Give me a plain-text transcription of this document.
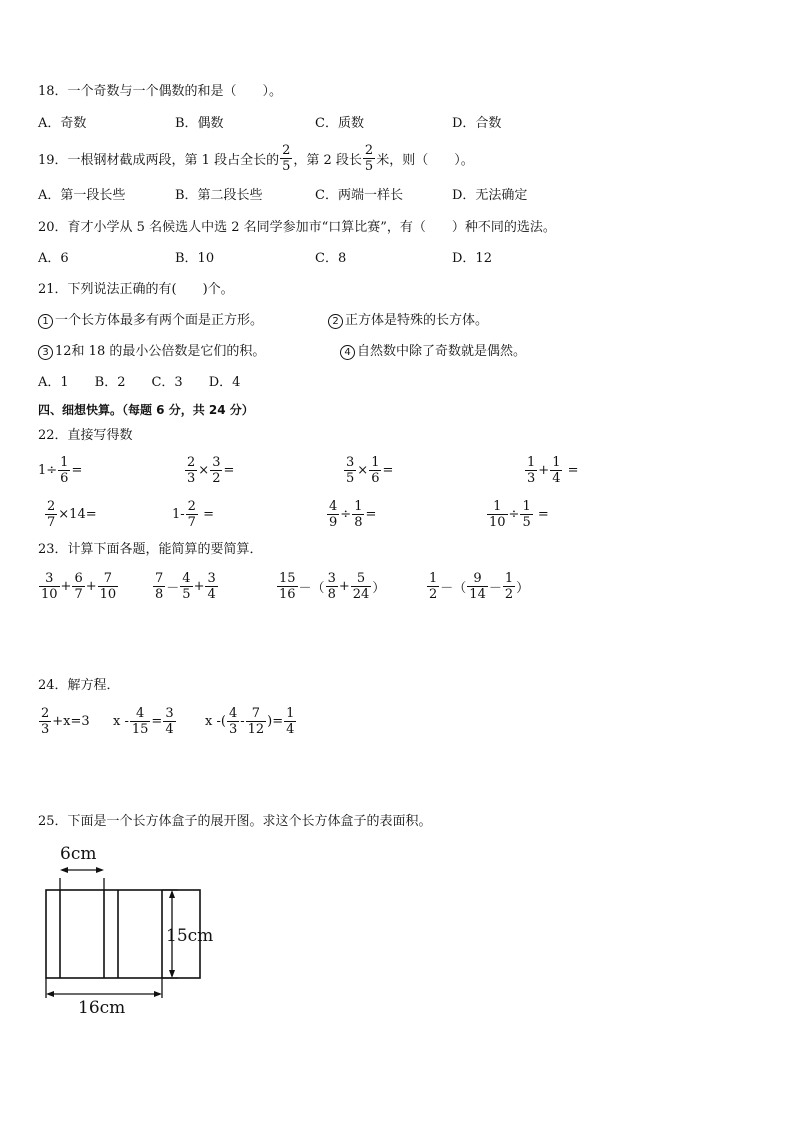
18．一个奇数与一个偶数的和是（　　）。
A．奇数	B．偶数	C．质数	D．合数
19．一根钢材截成两段，第 1 段占全长的 $\frac{2}{5}$ ，第 2 段长 $\frac{2}{5}$ 米，则（　　）。
A．第一段长些	B．第二段长些	C．两端一样长	D．无法确定
20．育才小学从 5 名候选人中选 2 名同学参加市“口算比赛”，有（　　）种不同的选法。
A．6	B．10	C．8	D．12
21．下列说法正确的有(　　)个。
1 一个长方体最多有两个面是正方形。	2 正方体是特殊的长方体。
3 12和 18 的最小公倍数是它们的积。	4 自然数中除了奇数就是偶然。
A．1　　B．2　　C．3　　D．4
四、细想快算。（每题 6 分，共 24 分）
22．直接写得数
$1\div \frac{1}{6}$ =	$\frac{2}{3} \times \frac{3}{2}$ =	$\frac{3}{5} \times \frac{1}{6}$ =	$\frac{1}{3} + \frac{1}{4}$ =
$\frac{2}{7} \times 14=$	$1- \frac{2}{7}$ =	$\frac{4}{9} \div \frac{1}{8}$ =	$\frac{1}{10} \div \frac{1}{5}$ =
23．计算下面各题，能简算的要简算．
$\frac{3}{10} + \frac{6}{7} + \frac{7}{10}$	$\frac{7}{8} - \frac{4}{5} + \frac{3}{4}$	$\frac{15}{16}$ －（ $\frac{3}{8} + \frac{5}{24}$ ）	$\frac{1}{2}$ －（ $\frac{9}{14} - \frac{1}{2}$ ）
24．解方程．
$\frac{2}{3} +x=3$ $x - \frac{4}{15} = \frac{3}{4}$ x -( $\frac{4}{3} - \frac{7}{12}$ )= $\frac{1}{4}$
25．下面是一个长方体盒子的展开图。求这个长方体盒子的表面积。
6cm
15cm
16cm
